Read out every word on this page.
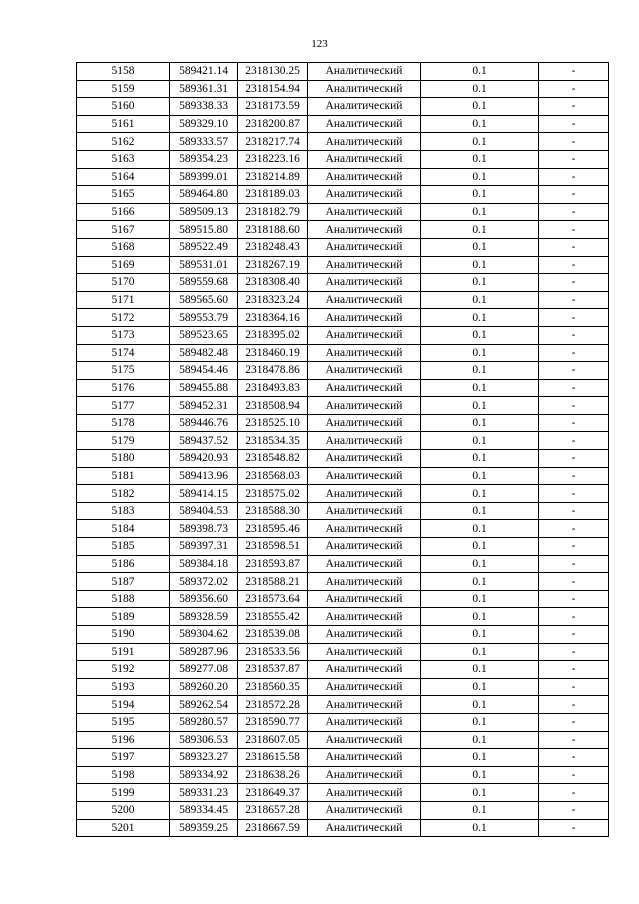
123
5158	589421.14	2318130.25	Аналитический	0.1	-
5159	589361.31	2318154.94	Аналитический	0.1	-
5160	589338.33	2318173.59	Аналитический	0.1	-
5161	589329.10	2318200.87	Аналитический	0.1	-
5162	589333.57	2318217.74	Аналитический	0.1	-
5163	589354.23	2318223.16	Аналитический	0.1	-
5164	589399.01	2318214.89	Аналитический	0.1	-
5165	589464.80	2318189.03	Аналитический	0.1	-
5166	589509.13	2318182.79	Аналитический	0.1	-
5167	589515.80	2318188.60	Аналитический	0.1	-
5168	589522.49	2318248.43	Аналитический	0.1	-
5169	589531.01	2318267.19	Аналитический	0.1	-
5170	589559.68	2318308.40	Аналитический	0.1	-
5171	589565.60	2318323.24	Аналитический	0.1	-
5172	589553.79	2318364.16	Аналитический	0.1	-
5173	589523.65	2318395.02	Аналитический	0.1	-
5174	589482.48	2318460.19	Аналитический	0.1	-
5175	589454.46	2318478.86	Аналитический	0.1	-
5176	589455.88	2318493.83	Аналитический	0.1	-
5177	589452.31	2318508.94	Аналитический	0.1	-
5178	589446.76	2318525.10	Аналитический	0.1	-
5179	589437.52	2318534.35	Аналитический	0.1	-
5180	589420.93	2318548.82	Аналитический	0.1	-
5181	589413.96	2318568.03	Аналитический	0.1	-
5182	589414.15	2318575.02	Аналитический	0.1	-
5183	589404.53	2318588.30	Аналитический	0.1	-
5184	589398.73	2318595.46	Аналитический	0.1	-
5185	589397.31	2318598.51	Аналитический	0.1	-
5186	589384.18	2318593.87	Аналитический	0.1	-
5187	589372.02	2318588.21	Аналитический	0.1	-
5188	589356.60	2318573.64	Аналитический	0.1	-
5189	589328.59	2318555.42	Аналитический	0.1	-
5190	589304.62	2318539.08	Аналитический	0.1	-
5191	589287.96	2318533.56	Аналитический	0.1	-
5192	589277.08	2318537.87	Аналитический	0.1	-
5193	589260.20	2318560.35	Аналитический	0.1	-
5194	589262.54	2318572.28	Аналитический	0.1	-
5195	589280.57	2318590.77	Аналитический	0.1	-
5196	589306.53	2318607.05	Аналитический	0.1	-
5197	589323.27	2318615.58	Аналитический	0.1	-
5198	589334.92	2318638.26	Аналитический	0.1	-
5199	589331.23	2318649.37	Аналитический	0.1	-
5200	589334.45	2318657.28	Аналитический	0.1	-
5201	589359.25	2318667.59	Аналитический	0.1	-
